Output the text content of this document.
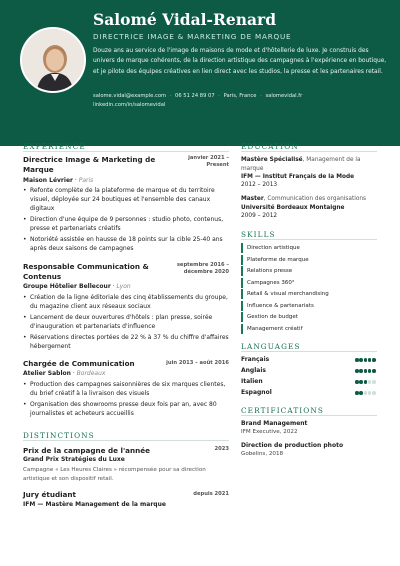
Salomé Vidal-Renard
DIRECTRICE IMAGE & MARKETING DE MARQUE
Douze ans au service de l'image de maisons de mode et d'hôtellerie de luxe. Je construis des univers de marque cohérents, de la direction artistique des campagnes à l'expérience en boutique, et je pilote des équipes créatives en lien direct avec les studios, la presse et les partenaires retail.
salome.vidal@example.com · 06 51 24 89 07 · Paris, France · salomevidal.fr
linkedin.com/in/salomevidal
EXPERIENCE
Directrice Image & Marketing de Marque
janvier 2021 – Present
Maison Lévrier · Paris
• Refonte complète de la plateforme de marque et du territoire visuel, déployée sur 24 boutiques et l'ensemble des canaux digitaux
• Direction d'une équipe de 9 personnes : studio photo, contenus, presse et partenariats créatifs
• Notoriété assistée en hausse de 18 points sur la cible 25-40 ans après deux saisons de campagnes
Responsable Communication & Contenus
septembre 2016 – décembre 2020
Groupe Hôtelier Bellecour · Lyon
• Création de la ligne éditoriale des cinq établissements du groupe, du magazine client aux réseaux sociaux
• Lancement de deux ouvertures d'hôtels : plan presse, soirée d'inauguration et partenariats d'influence
• Réservations directes portées de 22 % à 37 % du chiffre d'affaires hébergement
Chargée de Communication	juin 2013 – août 2016
Atelier Sablon · Bordeaux
• Production des campagnes saisonnières de six marques clientes, du brief créatif à la livraison des visuels
• Organisation des showrooms presse deux fois par an, avec 80 journalistes et acheteurs accueillis
DISTINCTIONS
Prix de la campagne de l'année	2023
Grand Prix Stratégies du Luxe
Campagne « Les Heures Claires » récompensée pour sa direction artistique et son dispositif retail.
Jury étudiant	depuis 2021
IFM — Mastère Management de la marque
EDUCATION
Mastère Spécialisé, Management de la marque
IFM — Institut Français de la Mode
2012 – 2013
Master, Communication des organisations
Université Bordeaux Montaigne
2009 – 2012
SKILLS
Direction artistique
Plateforme de marque
Relations presse
Campagnes 360°
Retail & visual merchandising
Influence & partenariats
Gestion de budget
Management créatif
LANGUAGES
Français
Anglais
Italien
Espagnol
CERTIFICATIONS
Brand Management
IFM Executive, 2022
Direction de production photo
Gobelins, 2018
